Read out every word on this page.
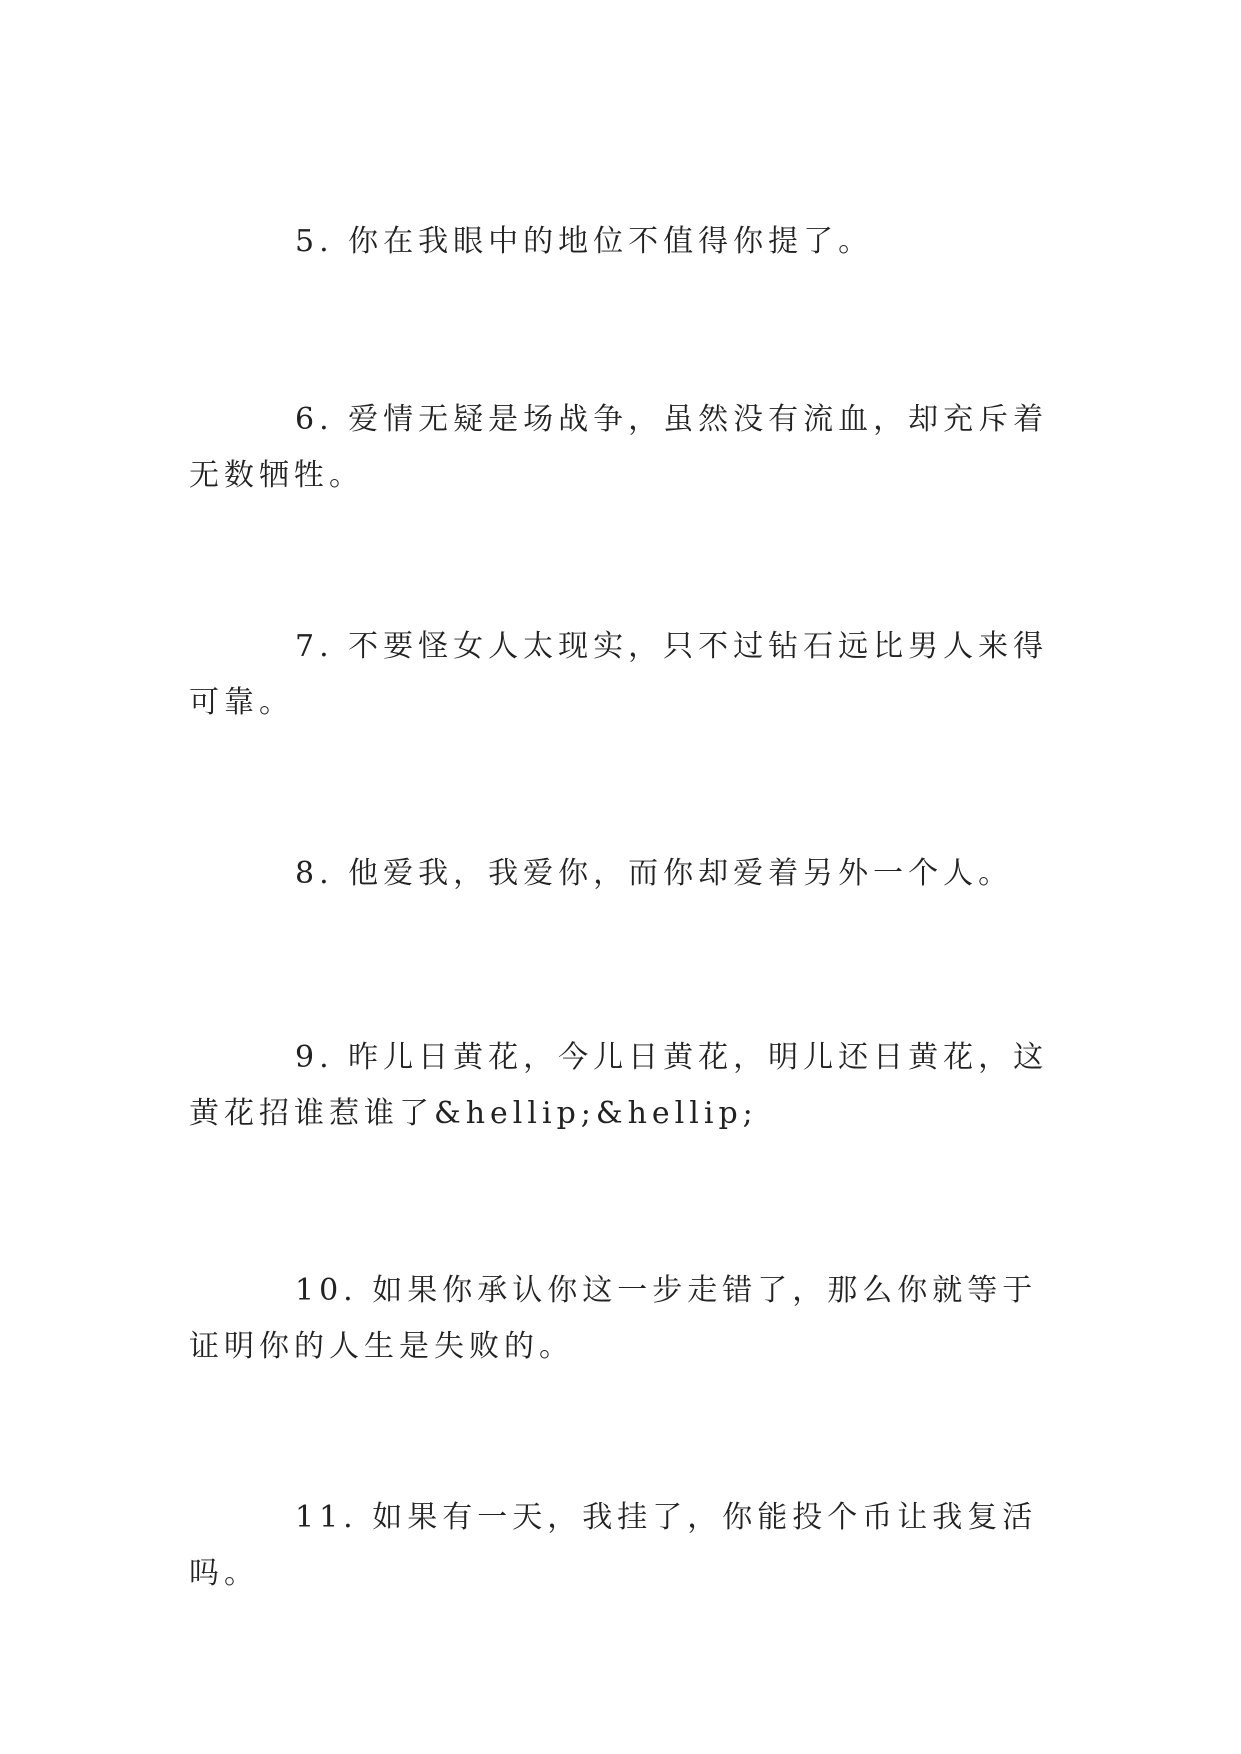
5. 你在我眼中的地位不值得你提了。

6. 爱情无疑是场战争，虽然没有流血，却充斥着无数牺牲。

7. 不要怪女人太现实，只不过钻石远比男人来得可靠。

8. 他爱我，我爱你，而你却爱着另外一个人。

9. 昨儿日黄花，今儿日黄花，明儿还日黄花，这黄花招谁惹谁了&hellip;&hellip;

10. 如果你承认你这一步走错了，那么你就等于证明你的人生是失败的。

11. 如果有一天，我挂了，你能投个币让我复活吗。
